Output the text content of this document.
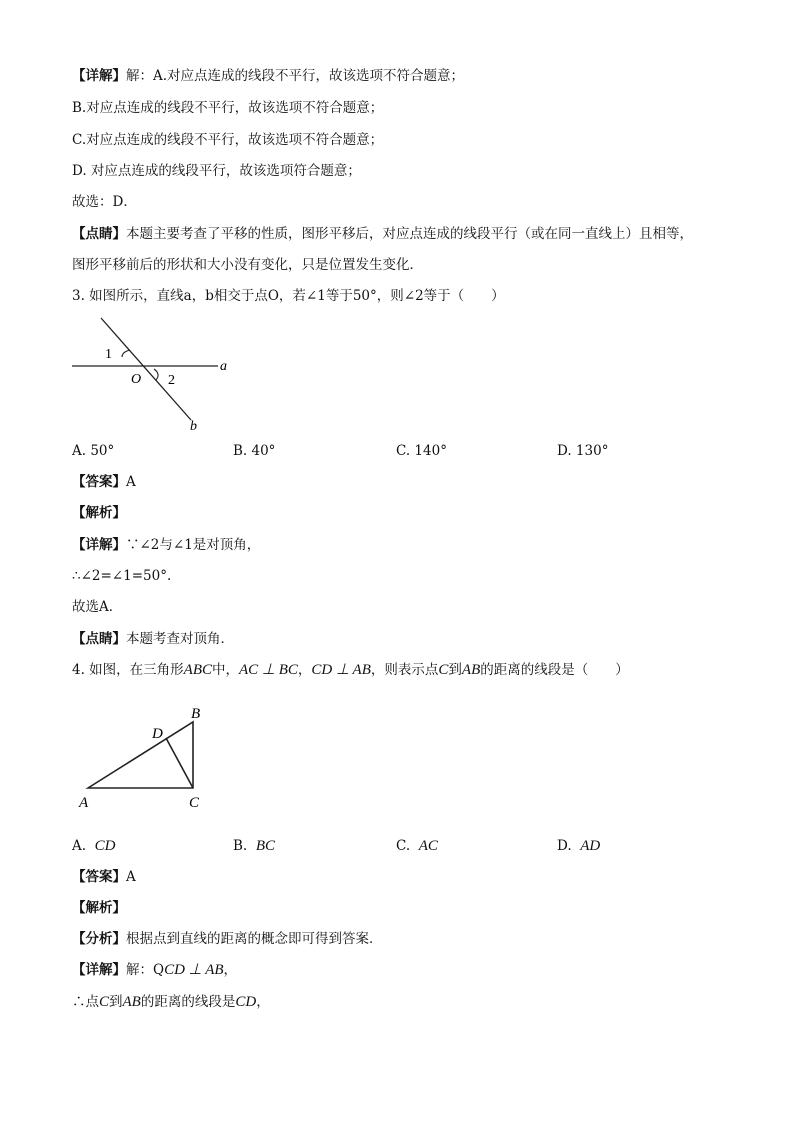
【详解】解：A.对应点连成的线段不平行，故该选项不符合题意；
B.对应点连成的线段不平行，故该选项不符合题意；
C.对应点连成的线段不平行，故该选项不符合题意；
D. 对应点连成的线段平行，故该选项符合题意；
故选：D．
【点睛】本题主要考查了平移的性质，图形平移后，对应点连成的线段平行（或在同一直线上）且相等，
图形平移前后的形状和大小没有变化，只是位置发生变化．
3. 如图所示，直线a，b相交于点O，若∠1等于50°，则∠2等于（　　）
1
O 2
a
b
A. 50°	B. 40°	C. 140°	D. 130°
【答案】A
【解析】
【详解】∵∠2与∠1是对顶角，
∴∠2=∠1=50°.
故选A．
【点睛】本题考查对顶角．
4. 如图，在三角形ABC中，AC ⊥ BC，CD ⊥ AB，则表示点C到AB的距离的线段是（　　）
A
B
C
D
A. CD	B. BC	C. AC	D. AD
【答案】A
【解析】
【分析】根据点到直线的距离的概念即可得到答案．
【详解】解：QCD ⊥ AB，
∴点C到AB的距离的线段是CD，
